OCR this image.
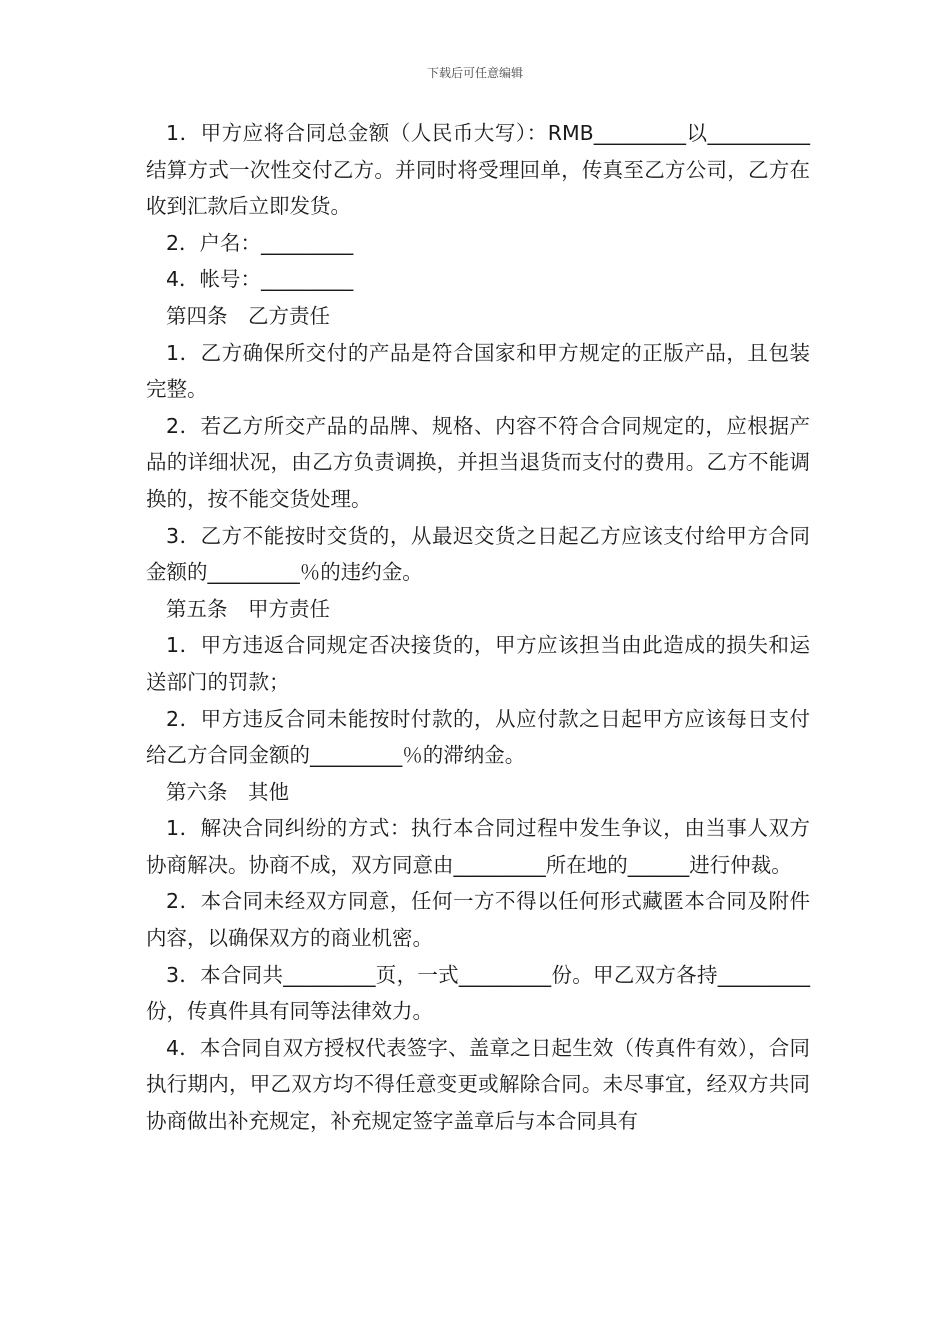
下载后可任意编辑

1．甲方应将合同总金额（人民币大写）：RMB_________以__________结算方式一次性交付乙方。并同时将受理回单，传真至乙方公司，乙方在收到汇款后立即发货。

2．户名：_________

4．帐号：_________

第四条　乙方责任

1．乙方确保所交付的产品是符合国家和甲方规定的正版产品，且包装完整。

2．若乙方所交产品的品牌、规格、内容不符合合同规定的，应根据产品的详细状况，由乙方负责调换，并担当退货而支付的费用。乙方不能调换的，按不能交货处理。

3．乙方不能按时交货的，从最迟交货之日起乙方应该支付给甲方合同金额的_________％的违约金。

第五条　甲方责任

1．甲方违返合同规定否决接货的，甲方应该担当由此造成的损失和运送部门的罚款；

2．甲方违反合同未能按时付款的，从应付款之日起甲方应该每日支付给乙方合同金额的_________％的滞纳金。

第六条　其他

1．解决合同纠纷的方式：执行本合同过程中发生争议，由当事人双方协商解决。协商不成，双方同意由_________所在地的______进行仲裁。

2．本合同未经双方同意，任何一方不得以任何形式藏匿本合同及附件内容，以确保双方的商业机密。

3．本合同共_________页，一式_________份。甲乙双方各持_________份，传真件具有同等法律效力。

4．本合同自双方授权代表签字、盖章之日起生效（传真件有效），合同执行期内，甲乙双方均不得任意变更或解除合同。未尽事宜，经双方共同协商做出补充规定，补充规定签字盖章后与本合同具有
